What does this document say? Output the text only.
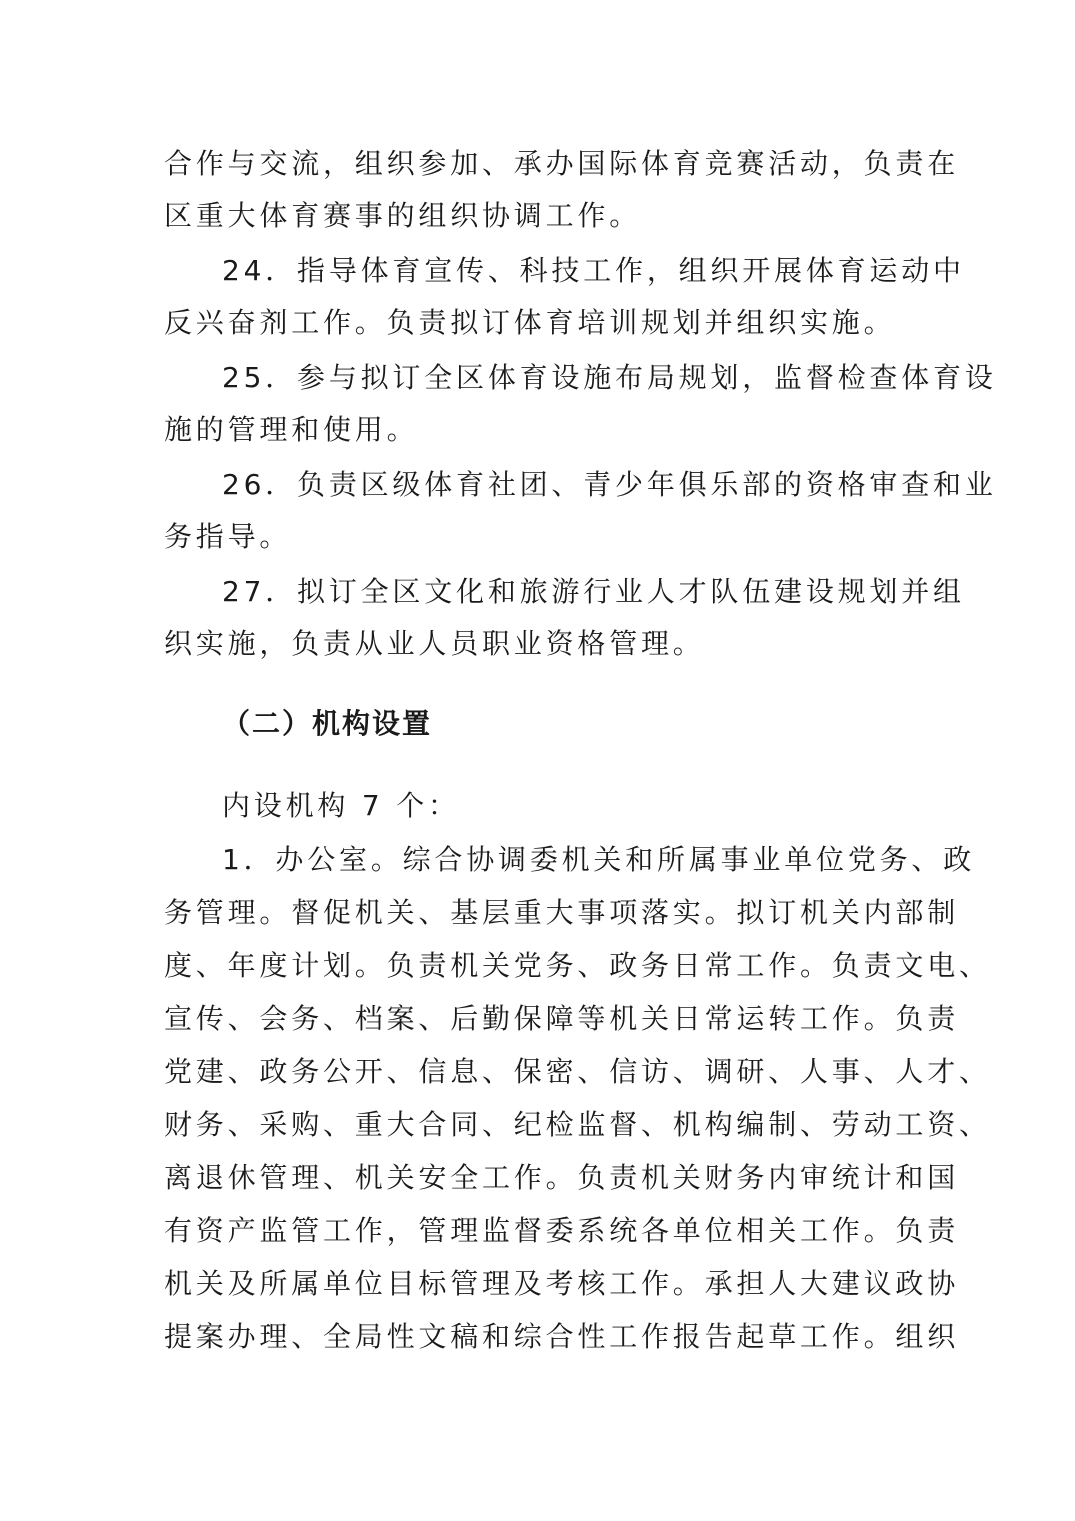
合作与交流，组织参加、承办国际体育竞赛活动，负责在
区重大体育赛事的组织协调工作。
24．指导体育宣传、科技工作，组织开展体育运动中
反兴奋剂工作。负责拟订体育培训规划并组织实施。
25．参与拟订全区体育设施布局规划，监督检查体育设
施的管理和使用。
26．负责区级体育社团、青少年俱乐部的资格审查和业
务指导。
27．拟订全区文化和旅游行业人才队伍建设规划并组
织实施，负责从业人员职业资格管理。
（二）机构设置
内设机构 7 个：
1．办公室。综合协调委机关和所属事业单位党务、政
务管理。督促机关、基层重大事项落实。拟订机关内部制
度、年度计划。负责机关党务、政务日常工作。负责文电、
宣传、会务、档案、后勤保障等机关日常运转工作。负责
党建、政务公开、信息、保密、信访、调研、人事、人才、
财务、采购、重大合同、纪检监督、机构编制、劳动工资、
离退休管理、机关安全工作。负责机关财务内审统计和国
有资产监管工作，管理监督委系统各单位相关工作。负责
机关及所属单位目标管理及考核工作。承担人大建议政协
提案办理、全局性文稿和综合性工作报告起草工作。组织
